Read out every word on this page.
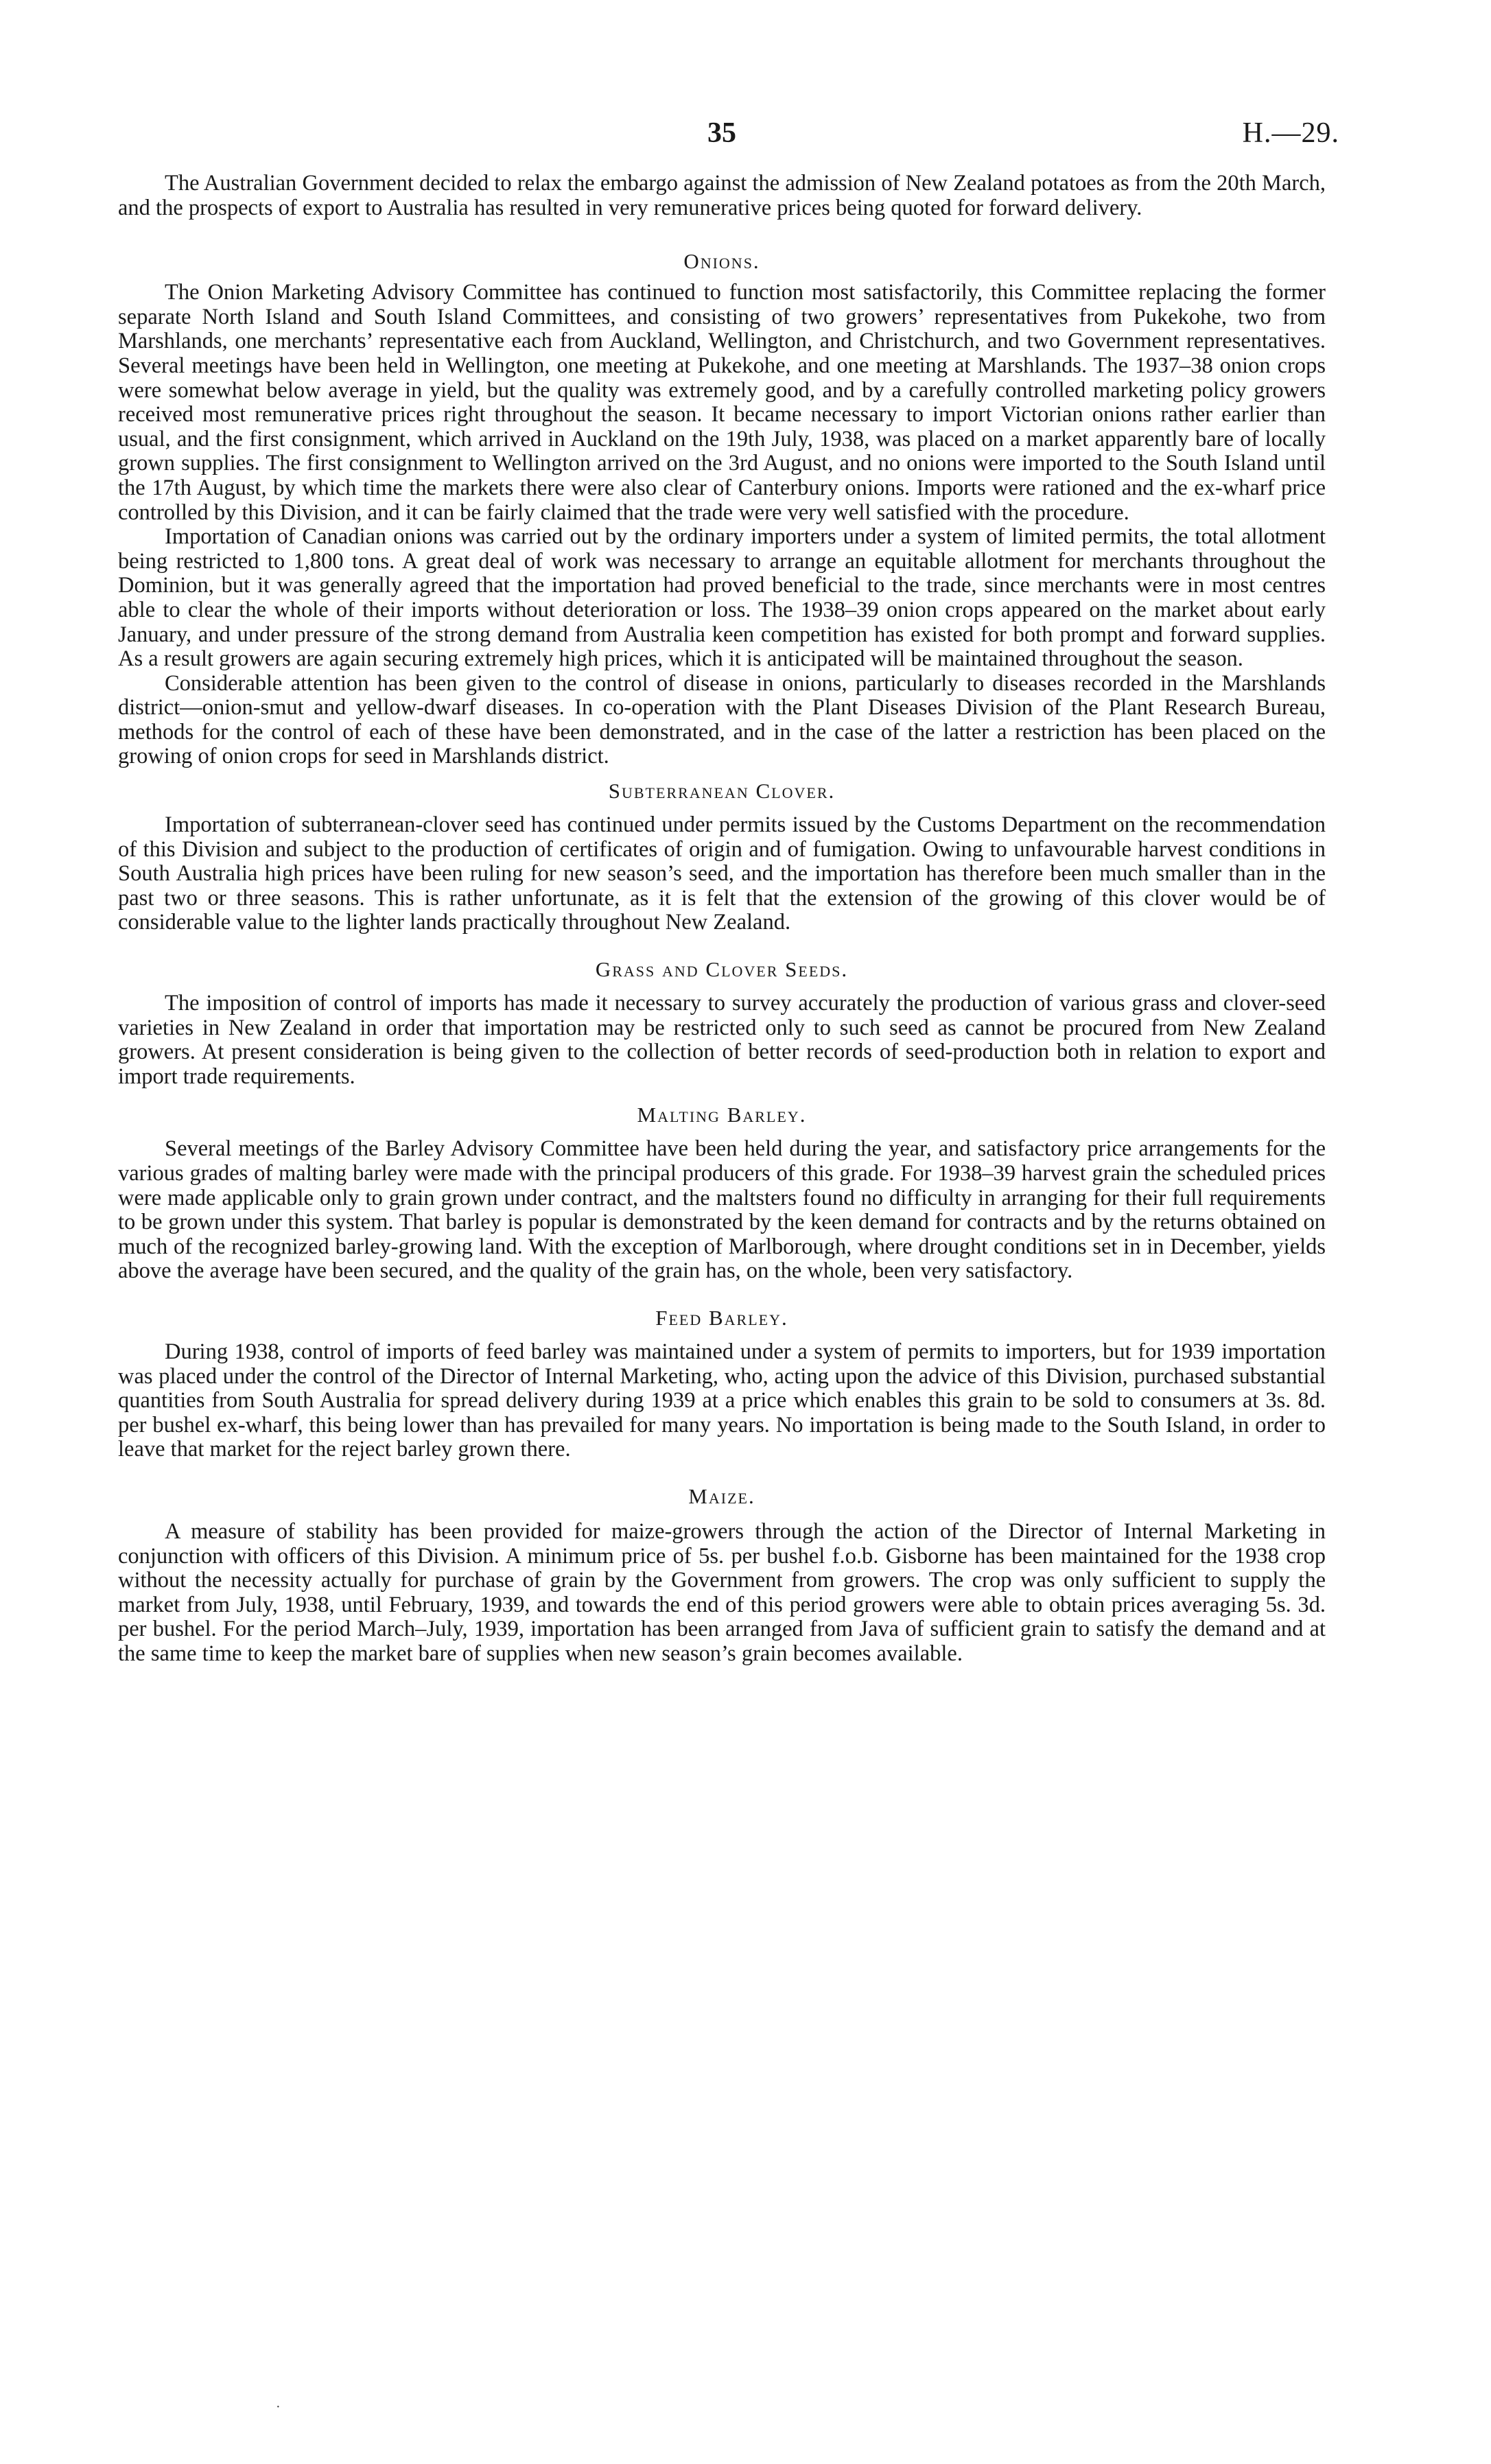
35	H.—29.

The Australian Government decided to relax the embargo against the admission of New Zealand potatoes as from the 20th March, and the prospects of export to Australia has resulted in very remunerative prices being quoted for forward delivery.

Onions.

The Onion Marketing Advisory Committee has continued to function most satisfactorily, this Committee replacing the former separate North Island and South Island Committees, and consisting of two growers’ representatives from Pukekohe, two from Marshlands, one merchants’ representative each from Auckland, Wellington, and Christchurch, and two Government representatives. Several meetings have been held in Wellington, one meeting at Pukekohe, and one meeting at Marshlands. The 1937–38 onion crops were somewhat below average in yield, but the quality was extremely good, and by a carefully controlled marketing policy growers received most remunerative prices right throughout the season. It became necessary to import Victorian onions rather earlier than usual, and the first consignment, which arrived in Auckland on the 19th July, 1938, was placed on a market apparently bare of locally grown supplies. The first consignment to Wellington arrived on the 3rd August, and no onions were imported to the South Island until the 17th August, by which time the markets there were also clear of Canterbury onions. Imports were rationed and the ex-wharf price controlled by this Division, and it can be fairly claimed that the trade were very well satisfied with the procedure.

Importation of Canadian onions was carried out by the ordinary importers under a system of limited permits, the total allotment being restricted to 1,800 tons. A great deal of work was necessary to arrange an equitable allotment for merchants throughout the Dominion, but it was generally agreed that the importation had proved beneficial to the trade, since merchants were in most centres able to clear the whole of their imports without deterioration or loss. The 1938–39 onion crops appeared on the market about early January, and under pressure of the strong demand from Australia keen competition has existed for both prompt and forward supplies. As a result growers are again securing extremely high prices, which it is anticipated will be maintained throughout the season.

Considerable attention has been given to the control of disease in onions, particularly to diseases recorded in the Marshlands district—onion-smut and yellow-dwarf diseases. In co-operation with the Plant Diseases Division of the Plant Research Bureau, methods for the control of each of these have been demonstrated, and in the case of the latter a restriction has been placed on the growing of onion crops for seed in Marshlands district.

Subterranean Clover.

Importation of subterranean-clover seed has continued under permits issued by the Customs Department on the recommendation of this Division and subject to the production of certificates of origin and of fumigation. Owing to unfavourable harvest conditions in South Australia high prices have been ruling for new season’s seed, and the importation has therefore been much smaller than in the past two or three seasons. This is rather unfortunate, as it is felt that the extension of the growing of this clover would be of considerable value to the lighter lands practically throughout New Zealand.

Grass and Clover Seeds.

The imposition of control of imports has made it necessary to survey accurately the production of various grass and clover-seed varieties in New Zealand in order that importation may be restricted only to such seed as cannot be procured from New Zealand growers. At present consideration is being given to the collection of better records of seed-production both in relation to export and import trade requirements.

Malting Barley.

Several meetings of the Barley Advisory Committee have been held during the year, and satisfactory price arrangements for the various grades of malting barley were made with the principal producers of this grade. For 1938–39 harvest grain the scheduled prices were made applicable only to grain grown under contract, and the maltsters found no difficulty in arranging for their full requirements to be grown under this system. That barley is popular is demonstrated by the keen demand for contracts and by the returns obtained on much of the recognized barley-growing land. With the exception of Marlborough, where drought conditions set in in December, yields above the average have been secured, and the quality of the grain has, on the whole, been very satisfactory.

Feed Barley.

During 1938, control of imports of feed barley was maintained under a system of permits to importers, but for 1939 importation was placed under the control of the Director of Internal Marketing, who, acting upon the advice of this Division, purchased substantial quantities from South Australia for spread delivery during 1939 at a price which enables this grain to be sold to consumers at 3s. 8d. per bushel ex-wharf, this being lower than has prevailed for many years. No importation is being made to the South Island, in order to leave that market for the reject barley grown there.

Maize.

A measure of stability has been provided for maize-growers through the action of the Director of Internal Marketing in conjunction with officers of this Division. A minimum price of 5s. per bushel f.o.b. Gisborne has been maintained for the 1938 crop without the necessity actually for purchase of grain by the Government from growers. The crop was only sufficient to supply the market from July, 1938, until February, 1939, and towards the end of this period growers were able to obtain prices averaging 5s. 3d. per bushel. For the period March–July, 1939, importation has been arranged from Java of sufficient grain to satisfy the demand and at the same time to keep the market bare of supplies when new season’s grain becomes available.

·
